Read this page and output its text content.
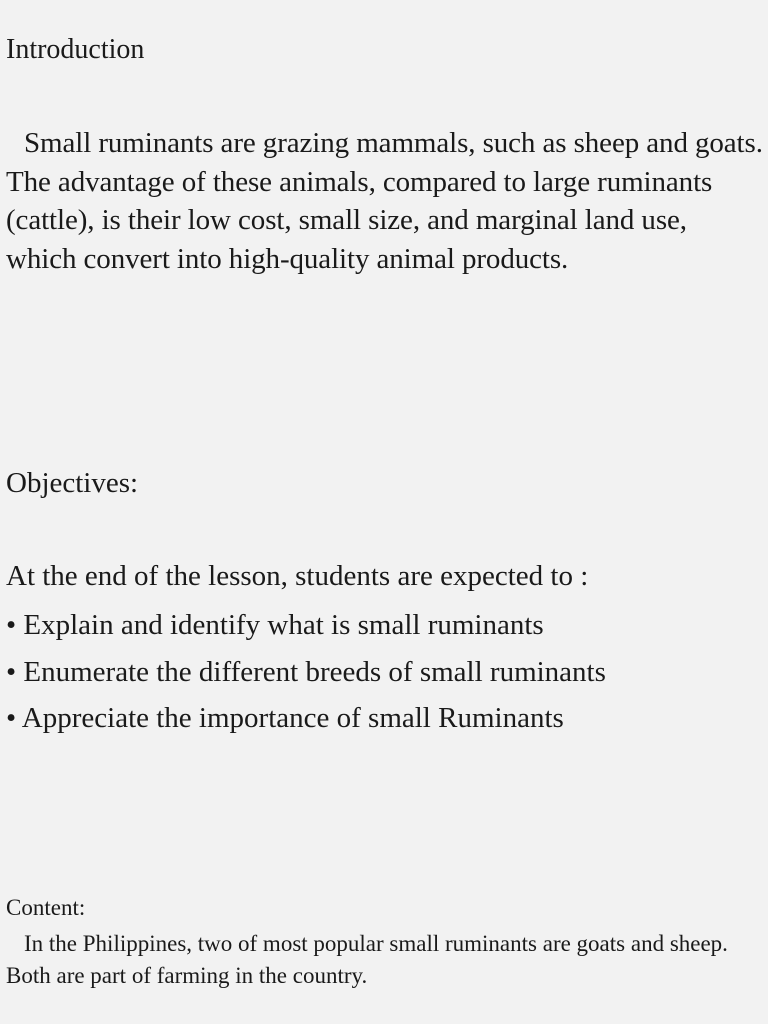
Introduction

Small ruminants are grazing mammals, such as sheep and goats. The advantage of these animals, compared to large ruminants (cattle), is their low cost, small size, and marginal land use, which convert into high-quality animal products.

Objectives:

At the end of the lesson, students are expected to :

• Explain and identify what is small ruminants
• Enumerate the different breeds of small ruminants
• Appreciate the importance of small Ruminants
Content:

In the Philippines, two of most popular small ruminants are goats and sheep. Both are part of farming in the country.
